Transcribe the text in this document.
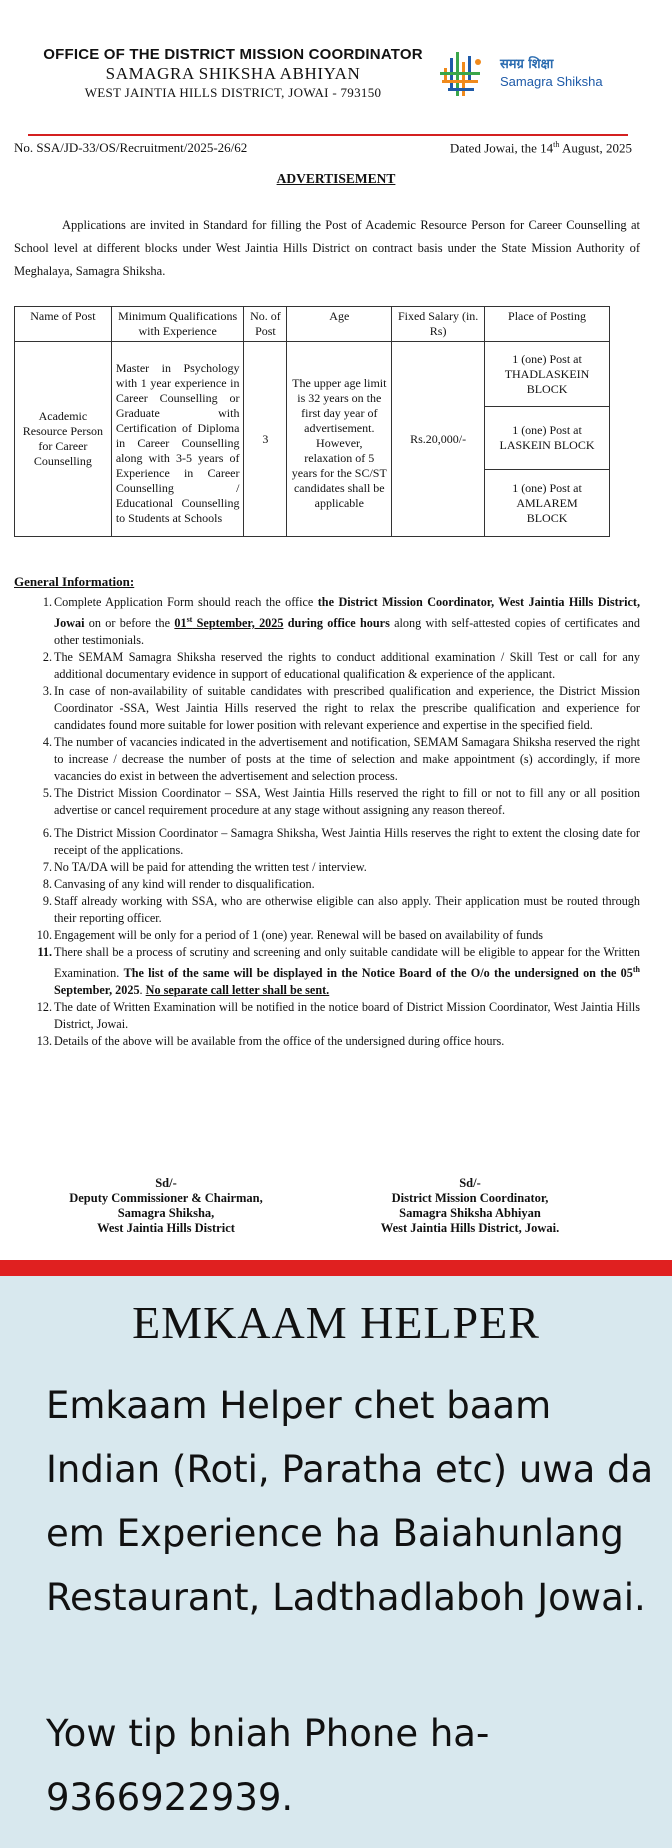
OFFICE OF THE DISTRICT MISSION COORDINATOR
SAMAGRA SHIKSHA ABHIYAN
WEST JAINTIA HILLS DISTRICT, JOWAI - 793150
समग्र शिक्षा
Samagra Shiksha
No. SSA/JD-33/OS/Recruitment/2025-26/62	Dated Jowai, the 14th August, 2025
ADVERTISEMENT
Applications are invited in Standard for filling the Post of Academic Resource Person for Career Counselling at School level at different blocks under West Jaintia Hills District on contract basis under the State Mission Authority of Meghalaya, Samagra Shiksha.
Name of Post	Minimum Qualifications with Experience	No. of Post	Age	Fixed Salary (in. Rs)	Place of Posting
Academic Resource Person for Career Counselling	Master in Psychology with 1 year experience in Career Counselling or Graduate with Certification of Diploma in Career Counselling along with 3-5 years of Experience in Career Counselling / Educational Counselling to Students at Schools	3	The upper age limit is 32 years on the first day year of advertisement. However, relaxation of 5 years for the SC/ST candidates shall be applicable	Rs.20,000/-	1 (one) Post at THADLASKEIN BLOCK
					1 (one) Post at LASKEIN BLOCK
					1 (one) Post at AMLAREM BLOCK
General Information:
1. Complete Application Form should reach the office the District Mission Coordinator, West Jaintia Hills District, Jowai on or before the 01st September, 2025 during office hours along with self-attested copies of certificates and other testimonials.
2. The SEMAM Samagra Shiksha reserved the rights to conduct additional examination / Skill Test or call for any additional documentary evidence in support of educational qualification & experience of the applicant.
3. In case of non-availability of suitable candidates with prescribed qualification and experience, the District Mission Coordinator -SSA, West Jaintia Hills reserved the right to relax the prescribe qualification and experience for candidates found more suitable for lower position with relevant experience and expertise in the specified field.
4. The number of vacancies indicated in the advertisement and notification, SEMAM Samagara Shiksha reserved the right to increase / decrease the number of posts at the time of selection and make appointment (s) accordingly, if more vacancies do exist in between the advertisement and selection process.
5. The District Mission Coordinator – SSA, West Jaintia Hills reserved the right to fill or not to fill any or all position advertise or cancel requirement procedure at any stage without assigning any reason thereof.
6. The District Mission Coordinator – Samagra Shiksha, West Jaintia Hills reserves the right to extent the closing date for receipt of the applications.
7. No TA/DA will be paid for attending the written test / interview.
8. Canvasing of any kind will render to disqualification.
9. Staff already working with SSA, who are otherwise eligible can also apply. Their application must be routed through their reporting officer.
10. Engagement will be only for a period of 1 (one) year. Renewal will be based on availability of funds
11. There shall be a process of scrutiny and screening and only suitable candidate will be eligible to appear for the Written Examination. The list of the same will be displayed in the Notice Board of the O/o the undersigned on the 05th September, 2025. No separate call letter shall be sent.
12. The date of Written Examination will be notified in the notice board of District Mission Coordinator, West Jaintia Hills District, Jowai.
13. Details of the above will be available from the office of the undersigned during office hours.
Sd/-
Deputy Commissioner & Chairman,
Samagra Shiksha,
West Jaintia Hills District
Sd/-
District Mission Coordinator,
Samagra Shiksha Abhiyan
West Jaintia Hills District, Jowai.
EMKAAM HELPER
Emkaam Helper chet baam Indian (Roti, Paratha etc) uwa da em Experience ha Baiahunlang Restaurant, Ladthadlaboh Jowai.
Yow tip bniah Phone ha-9366922939.
